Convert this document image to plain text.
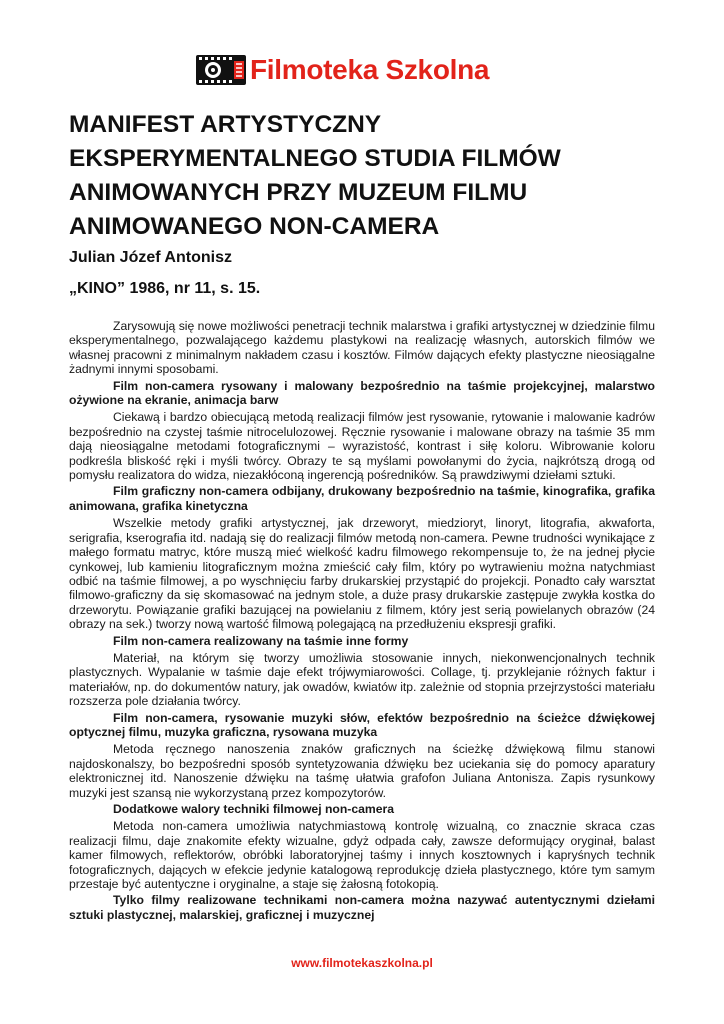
Filmoteka Szkolna
MANIFEST ARTYSTYCZNY
EKSPERYMENTALNEGO STUDIA FILMÓW
ANIMOWANYCH PRZY MUZEUM FILMU
ANIMOWANEGO NON-CAMERA

Julian Józef Antonisz

„KINO” 1986, nr 11, s. 15.

Zarysowują się nowe możliwości penetracji technik malarstwa i grafiki artystycznej w dziedzinie filmu eksperymentalnego, pozwalającego każdemu plastykowi na realizację własnych, autorskich filmów we własnej pracowni z minimalnym nakładem czasu i kosztów. Filmów dających efekty plastyczne nieosiągalne żadnymi innymi sposobami.

Film non-camera rysowany i malowany bezpośrednio na taśmie projekcyjnej, malarstwo ożywione na ekranie, animacja barw

Ciekawą i bardzo obiecującą metodą realizacji filmów jest rysowanie, rytowanie i malowanie kadrów bezpośrednio na czystej taśmie nitrocelulozowej. Ręcznie rysowanie i malowane obrazy na taśmie 35 mm dają nieosiągalne metodami fotograficznymi – wyrazistość, kontrast i siłę koloru. Wibrowanie koloru podkreśla bliskość ręki i myśli twórcy. Obrazy te są myślami powołanymi do życia, najkrótszą drogą od pomysłu realizatora do widza, niezakłóconą ingerencją pośredników. Są prawdziwymi dziełami sztuki.

Film graficzny non-camera odbijany, drukowany bezpośrednio na taśmie, kinografika, grafika animowana, grafika kinetyczna

Wszelkie metody grafiki artystycznej, jak drzeworyt, miedzioryt, linoryt, litografia, akwaforta, serigrafia, kserografia itd. nadają się do realizacji filmów metodą non-camera. Pewne trudności wynikające z małego formatu matryc, które muszą mieć wielkość kadru filmowego rekompensuje to, że na jednej płycie cynkowej, lub kamieniu litograficznym można zmieścić cały film, który po wytrawieniu można natychmiast odbić na taśmie filmowej, a po wyschnięciu farby drukarskiej przystąpić do projekcji. Ponadto cały warsztat filmowo-graficzny da się skomasować na jednym stole, a duże prasy drukarskie zastępuje zwykła kostka do drzeworytu. Powiązanie grafiki bazującej na powielaniu z filmem, który jest serią powielanych obrazów (24 obrazy na sek.) tworzy nową wartość filmową polegającą na przedłużeniu ekspresji grafiki.

Film non-camera realizowany na taśmie inne formy

Materiał, na którym się tworzy umożliwia stosowanie innych, niekonwencjonalnych technik plastycznych. Wypalanie w taśmie daje efekt trójwymiarowości. Collage, tj. przyklejanie różnych faktur i materiałów, np. do dokumentów natury, jak owadów, kwiatów itp. zależnie od stopnia przejrzystości materiału rozszerza pole działania twórcy.

Film non-camera, rysowanie muzyki słów, efektów bezpośrednio na ścieżce dźwiękowej optycznej filmu, muzyka graficzna, rysowana muzyka

Metoda ręcznego nanoszenia znaków graficznych na ścieżkę dźwiękową filmu stanowi najdoskonalszy, bo bezpośredni sposób syntetyzowania dźwięku bez uciekania się do pomocy aparatury elektronicznej itd. Nanoszenie dźwięku na taśmę ułatwia grafofon Juliana Antonisza. Zapis rysunkowy muzyki jest szansą nie wykorzystaną przez kompozytorów.

Dodatkowe walory techniki filmowej non-camera

Metoda non-camera umożliwia natychmiastową kontrolę wizualną, co znacznie skraca czas realizacji filmu, daje znakomite efekty wizualne, gdyż odpada cały, zawsze deformujący oryginał, balast kamer filmowych, reflektorów, obróbki laboratoryjnej taśmy i innych kosztownych i kapryśnych technik fotograficznych, dających w efekcie jedynie katalogową reprodukcję dzieła plastycznego, które tym samym przestaje być autentyczne i oryginalne, a staje się żałosną fotokopią.

Tylko filmy realizowane technikami non-camera można nazywać autentycznymi dziełami sztuki plastycznej, malarskiej, graficznej i muzycznej

www.filmotekaszkolna.pl
